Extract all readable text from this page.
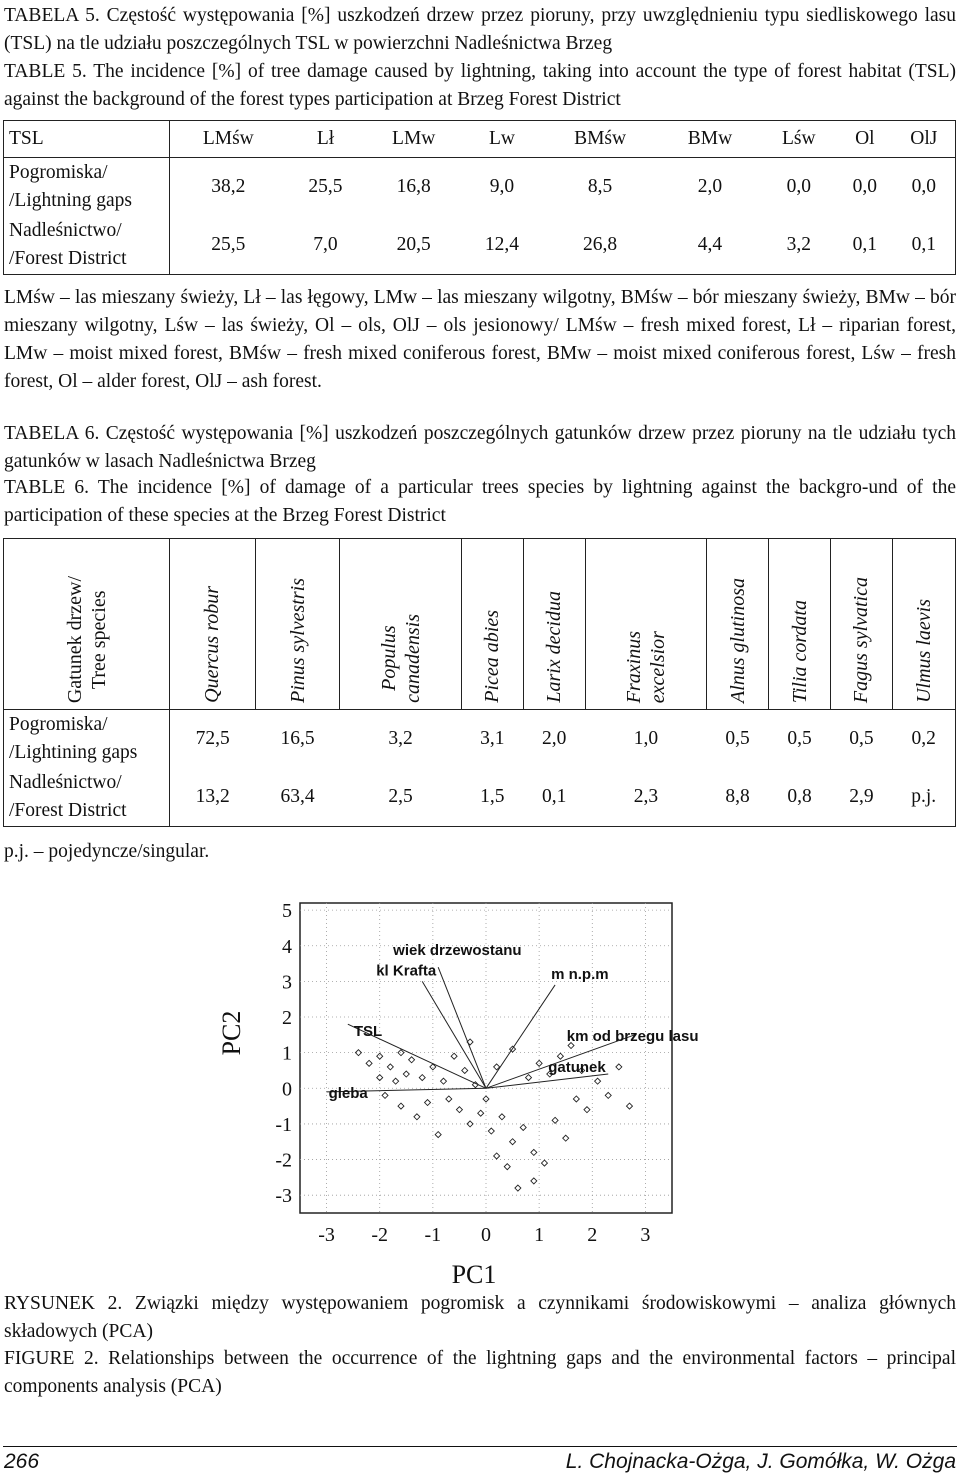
TABELA 5. Częstość występowania [%] uszkodzeń drzew przez pioruny, przy uwzględnieniu typu siedliskowego lasu (TSL) na tle udziału poszczególnych TSL w powierzchni Nadleśnictwa Brzeg

TABLE 5. The incidence [%] of tree damage caused by lightning, taking into account the type of forest habitat (TSL) against the background of the forest types participation at Brzeg Forest District

TSL	LMśw	Lł	LMw	Lw	BMśw	BMw	Lśw	Ol	OlJ
Pogromiska/
/Lightning gaps	38,2	25,5	16,8	9,0	8,5	2,0	0,0	0,0	0,0
Nadleśnictwo/
/Forest District	25,5	7,0	20,5	12,4	26,8	4,4	3,2	0,1	0,1

LMśw – las mieszany świeży, Lł – las łęgowy, LMw – las mieszany wilgotny, BMśw – bór mieszany świeży, BMw – bór mieszany wilgotny, Lśw – las świeży, Ol – ols, OlJ – ols jesionowy/ LMśw – fresh mixed forest, Lł – riparian forest, LMw – moist mixed forest, BMśw – fresh mixed coniferous forest, BMw – moist mixed coniferous forest, Lśw – fresh forest, Ol – alder forest, OlJ – ash forest.

TABELA 6. Częstość występowania [%] uszkodzeń poszczególnych gatunków drzew przez pioruny na tle udziału tych gatunków w lasach Nadleśnictwa Brzeg

TABLE 6. The incidence [%] of damage of a particular trees species by lightning against the backgro-und of the participation of these species at the Brzeg Forest District

Gatunek drzew/ Tree species	Quercus robur	Pinus sylvestris	Populus canadensis	Picea abies	Larix decidua	Fraxinus excelsior	Alnus glutinosa	Tilia cordata	Fagus sylvatica	Ulmus laevis

Pogromiska/
/Lightining gaps	72,5	16,5	3,2	3,1	2,0	1,0	0,5	0,5	0,5	0,2
Nadleśnictwo/
/Forest District	13,2	63,4	2,5	1,5	0,1	2,3	8,8	0,8	2,9	p.j.

p.j. – pojedyncze/singular.

-3 -2 -1 0 1 2 3
5
4
3
2
1
0
-1
-2
-3
PC1
PC2
wiek drzewostanu
kl Krafta	m n.p.m
km od brzegu lasu
TSL
gatunek
gleba

RYSUNEK 2. Związki między występowaniem pogromisk a czynnikami środowiskowymi – analiza głównych składowych (PCA)

FIGURE 2. Relationships between the occurrence of the lightning gaps and the environmental factors – principal components analysis (PCA)

266	L. Chojnacka-Ożga, J. Gomółka, W. Ożga
